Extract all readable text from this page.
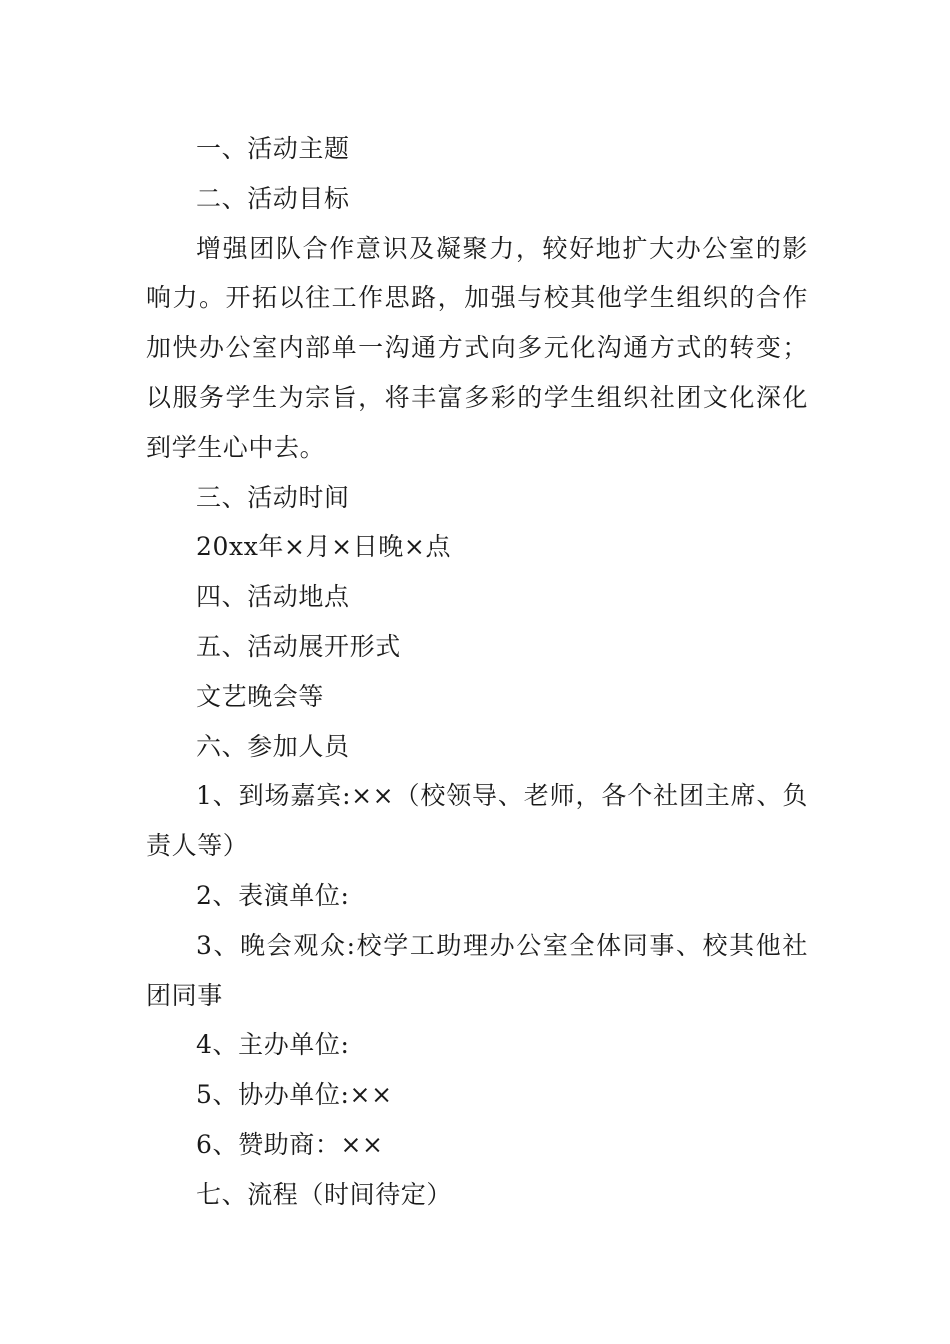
一、活动主题

二、活动目标

增强团队合作意识及凝聚力，较好地扩大办公室的影响力。开拓以往工作思路，加强与校其他学生组织的合作加快办公室内部单一沟通方式向多元化沟通方式的转变；以服务学生为宗旨，将丰富多彩的学生组织社团文化深化到学生心中去。

三、活动时间

20xx年×月×日晚×点

四、活动地点

五、活动展开形式

文艺晚会等

六、参加人员

1、到场嘉宾:××（校领导、老师，各个社团主席、负责人等）

2、表演单位:

3、晚会观众:校学工助理办公室全体同事、校其他社团同事

4、主办单位:

5、协办单位:××

6、赞助商：××

七、流程（时间待定）
